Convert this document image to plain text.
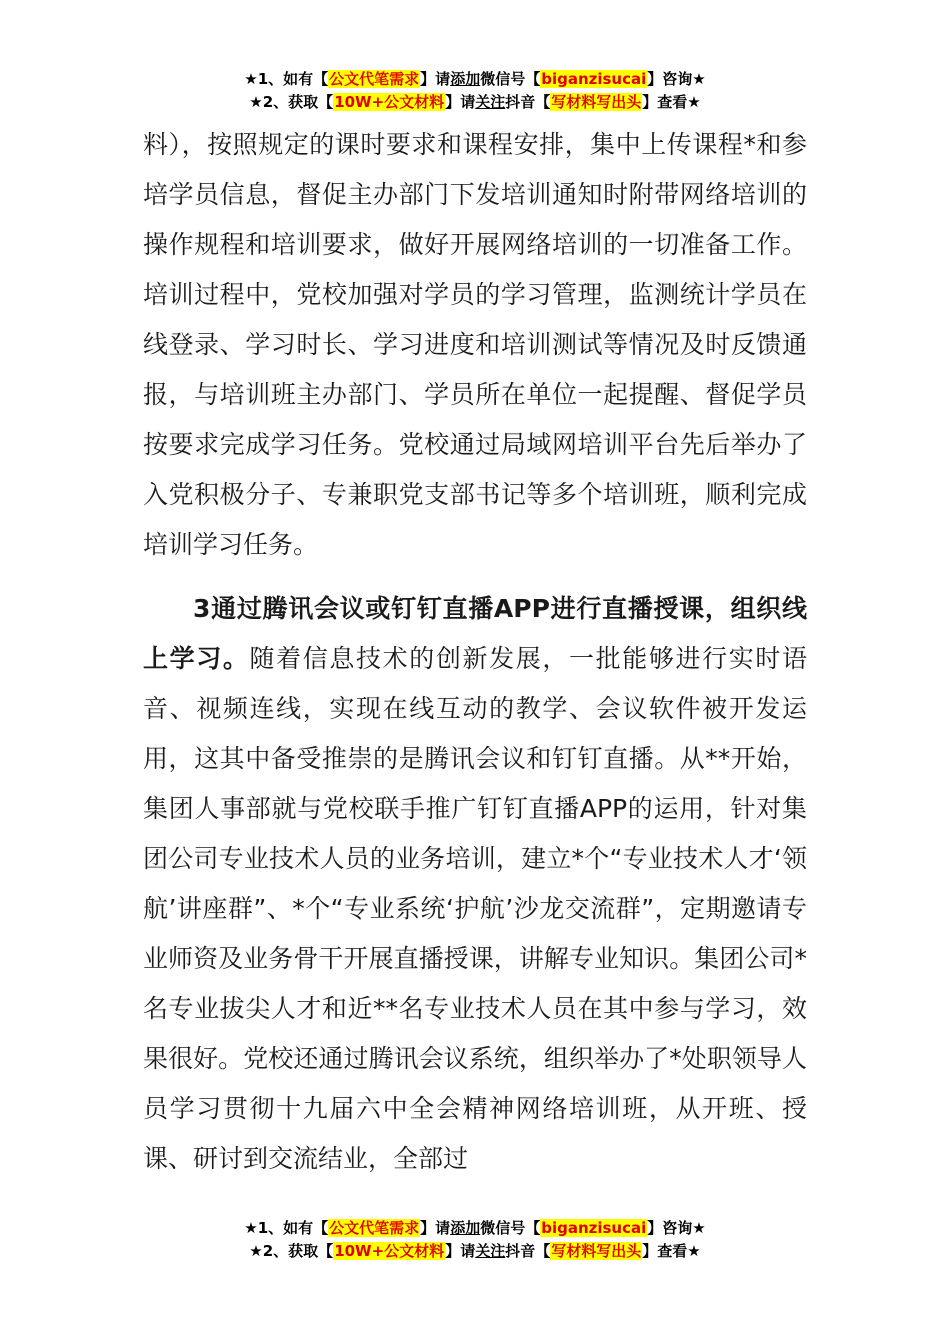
★1、如有【公文代笔需求】请添加微信号【biganzisucai】咨询★
★2、获取【10W+公文材料】请关注抖音【写材料写出头】查看★

料），按照规定的课时要求和课程安排，集中上传课程*和参培学员信息，督促主办部门下发培训通知时附带网络培训的操作规程和培训要求，做好开展网络培训的一切准备工作。培训过程中，党校加强对学员的学习管理，监测统计学员在线登录、学习时长、学习进度和培训测试等情况及时反馈通报，与培训班主办部门、学员所在单位一起提醒、督促学员按要求完成学习任务。党校通过局域网培训平台先后举办了入党积极分子、专兼职党支部书记等多个培训班，顺利完成培训学习任务。

3通过腾讯会议或钉钉直播APP进行直播授课，组织线上学习。随着信息技术的创新发展，一批能够进行实时语音、视频连线，实现在线互动的教学、会议软件被开发运用，这其中备受推崇的是腾讯会议和钉钉直播。从**开始，集团人事部就与党校联手推广钉钉直播APP的运用，针对集团公司专业技术人员的业务培训，建立*个“专业技术人才‘领航’讲座群”、*个“专业系统‘护航’沙龙交流群”，定期邀请专业师资及业务骨干开展直播授课，讲解专业知识。集团公司*名专业拔尖人才和近**名专业技术人员在其中参与学习，效果很好。党校还通过腾讯会议系统，组织举办了*处职领导人员学习贯彻十九届六中全会精神网络培训班，从开班、授课、研讨到交流结业，全部过

★1、如有【公文代笔需求】请添加微信号【biganzisucai】咨询★
★2、获取【10W+公文材料】请关注抖音【写材料写出头】查看★
